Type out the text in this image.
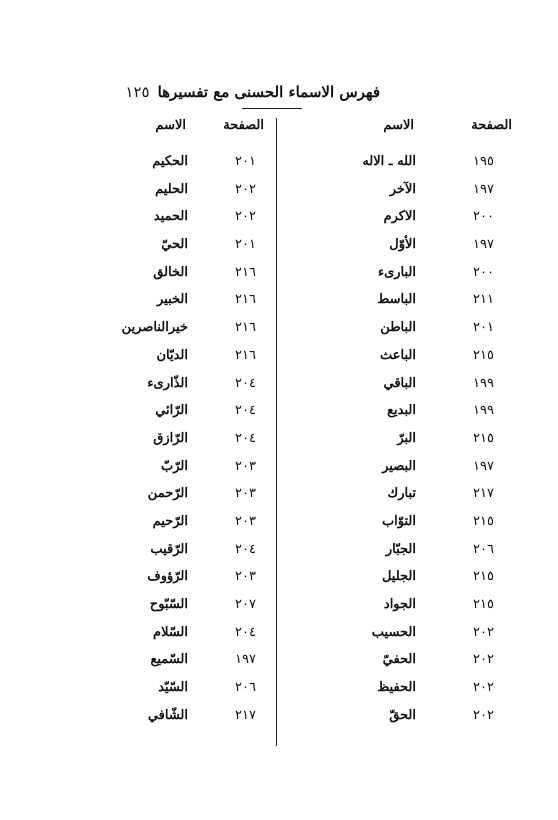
فهرس الاسماء الحسنى مع تفسيرها
١٢٥
الصفحة
الاسم
١٩٥
الله ـ الاله
١٩٧
الآخر
٢٠٠
الاكرم
١٩٧
الأوّل
٢٠٠
البارىء
٢١١
الباسط
٢٠١
الباطن
٢١٥
الباعث
١٩٩
الباقي
١٩٩
البديع
٢١٥
البرّ
١٩٧
البصير
٢١٧
تبارك
٢١٥
التوّاب
٢٠٦
الجبّار
٢١٥
الجليل
٢١٥
الجواد
٢٠٢
الحسيب
٢٠٢
الحفيّ
٢٠٢
الحفيظ
٢٠٢
الحقّ
الصفحة
الاسم
٢٠١
الحكيم
٢٠٢
الحليم
٢٠٢
الحميد
٢٠١
الحيّ
٢١٦
الخالق
٢١٦
الخبير
٢١٦
خيرالناصرين
٢١٦
الديّان
٢٠٤
الذّارىء
٢٠٤
الرّائي
٢٠٤
الرّازق
٢٠٣
الرّبّ
٢٠٣
الرّحمن
٢٠٣
الرّحيم
٢٠٤
الرّقيب
٢٠٣
الرّؤوف
٢٠٧
السّبّوح
٢٠٤
السّلام
١٩٧
السّميع
٢٠٦
السّيّد
٢١٧
الشّافي
